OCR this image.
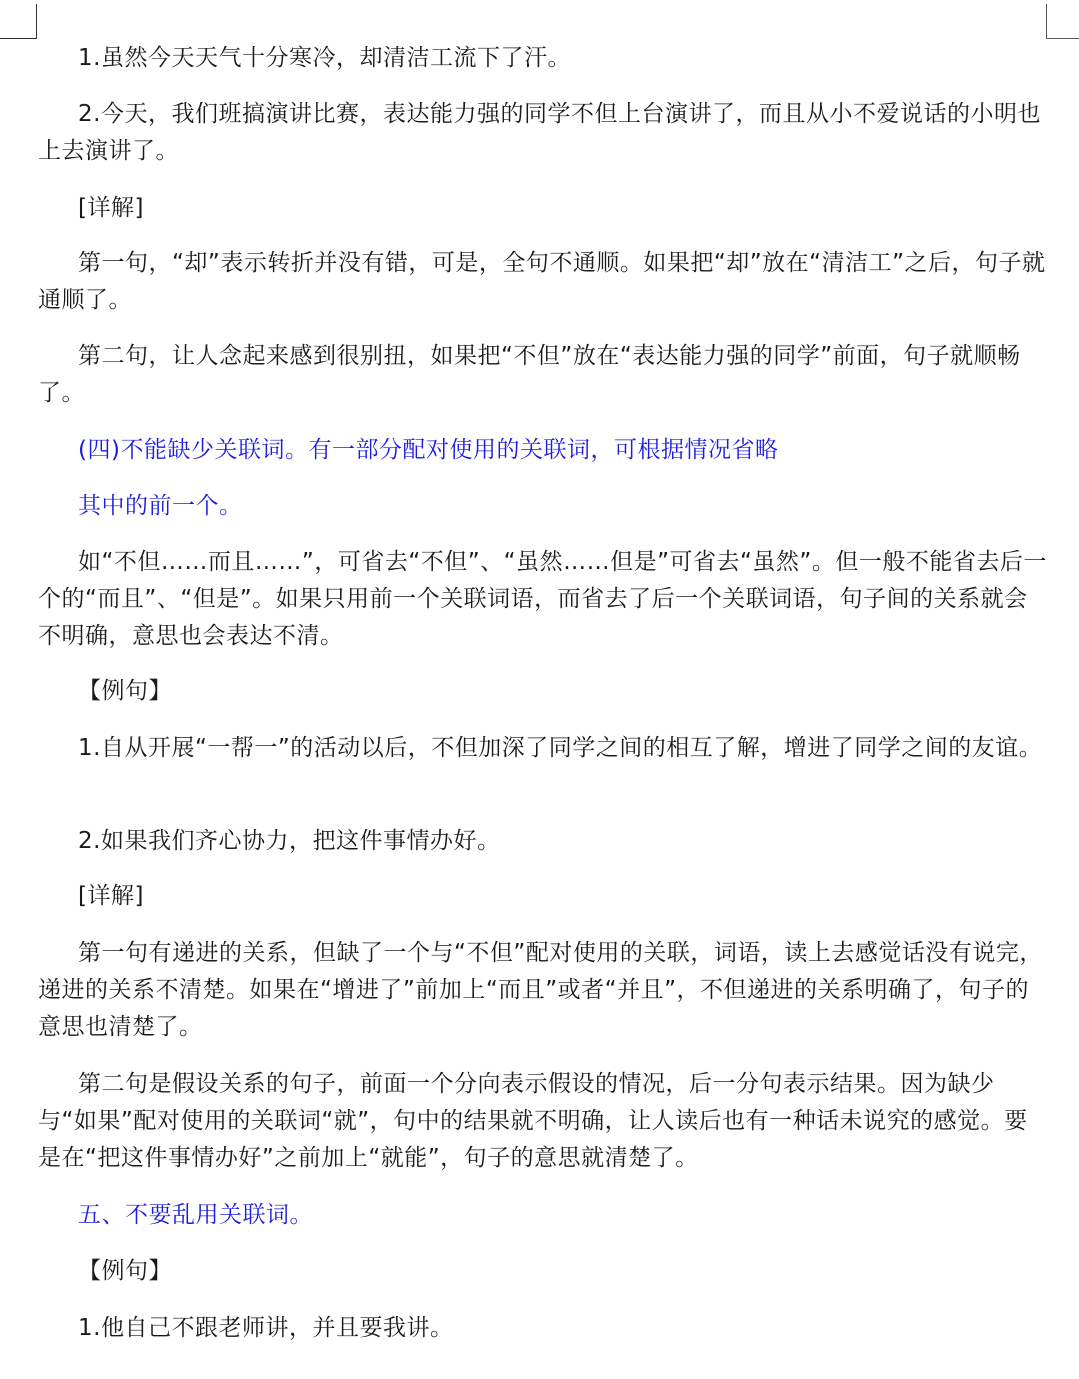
1.虽然今天天气十分寒冷，却清洁工流下了汗。

2.今天，我们班搞演讲比赛，表达能力强的同学不但上台演讲了，而且从小不爱说话的小明也上去演讲了。

[详解]

第一句，“却”表示转折并没有错，可是，全句不通顺。如果把“却”放在“清洁工”之后，句子就通顺了。

第二句，让人念起来感到很别扭，如果把“不但”放在“表达能力强的同学”前面，句子就顺畅了。

(四)不能缺少关联词。有一部分配对使用的关联词，可根据情况省略

其中的前一个。

如“不但……而且……”，可省去“不但”、“虽然……但是”可省去“虽然”。但一般不能省去后一个的“而且”、“但是”。如果只用前一个关联词语，而省去了后一个关联词语，句子间的关系就会不明确，意思也会表达不清。

【例句】

1.自从开展“一帮一”的活动以后，不但加深了同学之间的相互了解，增进了同学之间的友谊。

2.如果我们齐心协力，把这件事情办好。

[详解]

第一句有递进的关系，但缺了一个与“不但”配对使用的关联，词语，读上去感觉话没有说完，递进的关系不清楚。如果在“增进了”前加上“而且”或者“并且”，不但递进的关系明确了，句子的意思也清楚了。

第二句是假设关系的句子，前面一个分向表示假设的情况，后一分句表示结果。因为缺少与“如果”配对使用的关联词“就”，句中的结果就不明确，让人读后也有一种话未说究的感觉。要是在“把这件事情办好”之前加上“就能”，句子的意思就清楚了。

五、不要乱用关联词。

【例句】

1.他自己不跟老师讲，并且要我讲。
